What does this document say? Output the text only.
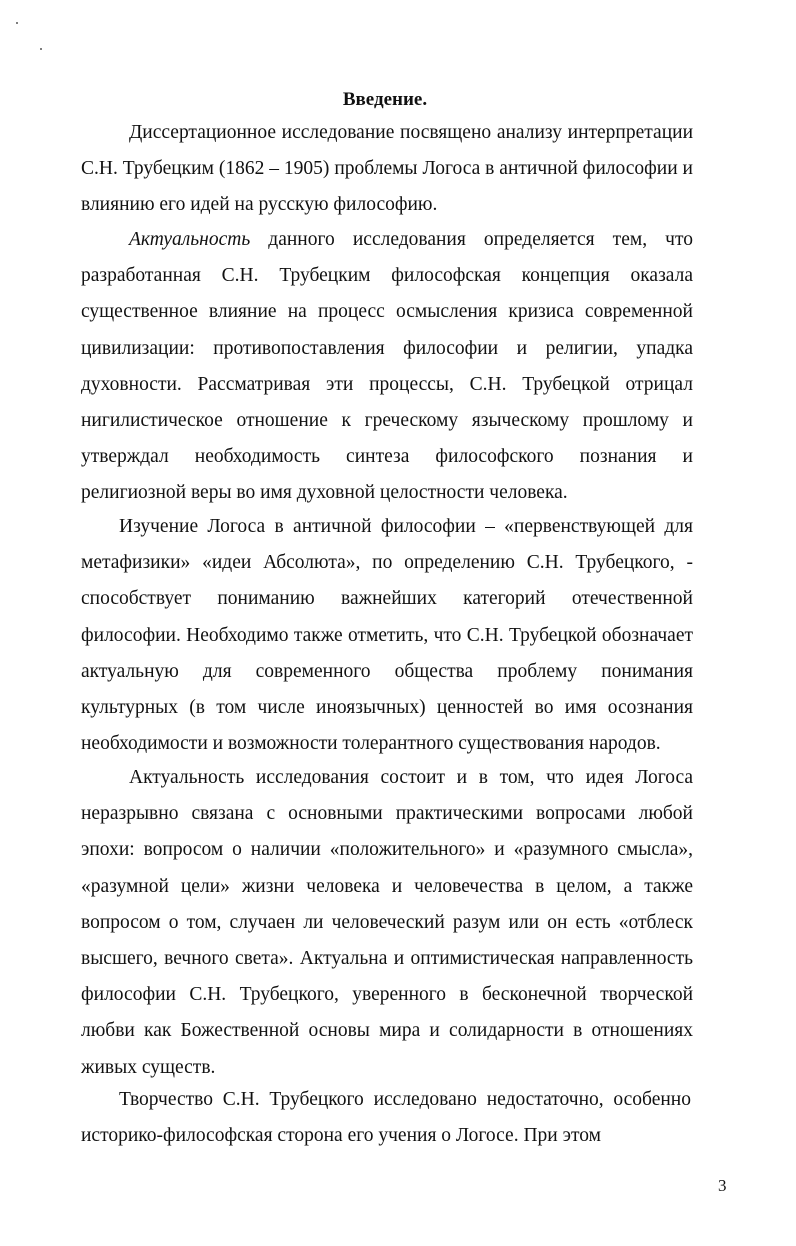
Введение.

Диссертационное исследование посвящено анализу интерпретации С.Н. Трубецким (1862 – 1905) проблемы Логоса в античной философии и влиянию его идей на русскую философию.

Актуальность данного исследования определяется тем, что разработанная С.Н. Трубецким философская концепция оказала существенное влияние на процесс осмысления кризиса современной цивилизации: противопоставления философии и религии, упадка духовности. Рассматривая эти процессы, С.Н. Трубецкой отрицал нигилистическое отношение к греческому языческому прошлому и утверждал необходимость синтеза философского познания и религиозной веры во имя духовной целостности человека.

Изучение Логоса в античной философии – «первенствующей для метафизики» «идеи Абсолюта», по определению С.Н. Трубецкого, - способствует пониманию важнейших категорий отечественной философии. Необходимо также отметить, что С.Н. Трубецкой обозначает актуальную для современного общества проблему понимания культурных (в том числе иноязычных) ценностей во имя осознания необходимости и возможности толерантного существования народов.

Актуальность исследования состоит и в том, что идея Логоса неразрывно связана с основными практическими вопросами любой эпохи: вопросом о наличии «положительного» и «разумного смысла», «разумной цели» жизни человека и человечества в целом, а также вопросом о том, случаен ли человеческий разум или он есть «отблеск высшего, вечного света». Актуальна и оптимистическая направленность философии С.Н. Трубецкого, уверенного в бесконечной творческой любви как Божественной основы мира и солидарности в отношениях живых существ.

Творчество С.Н. Трубецкого исследовано недостаточно, особенно историко-философская сторона его учения о Логосе. При этом

3
